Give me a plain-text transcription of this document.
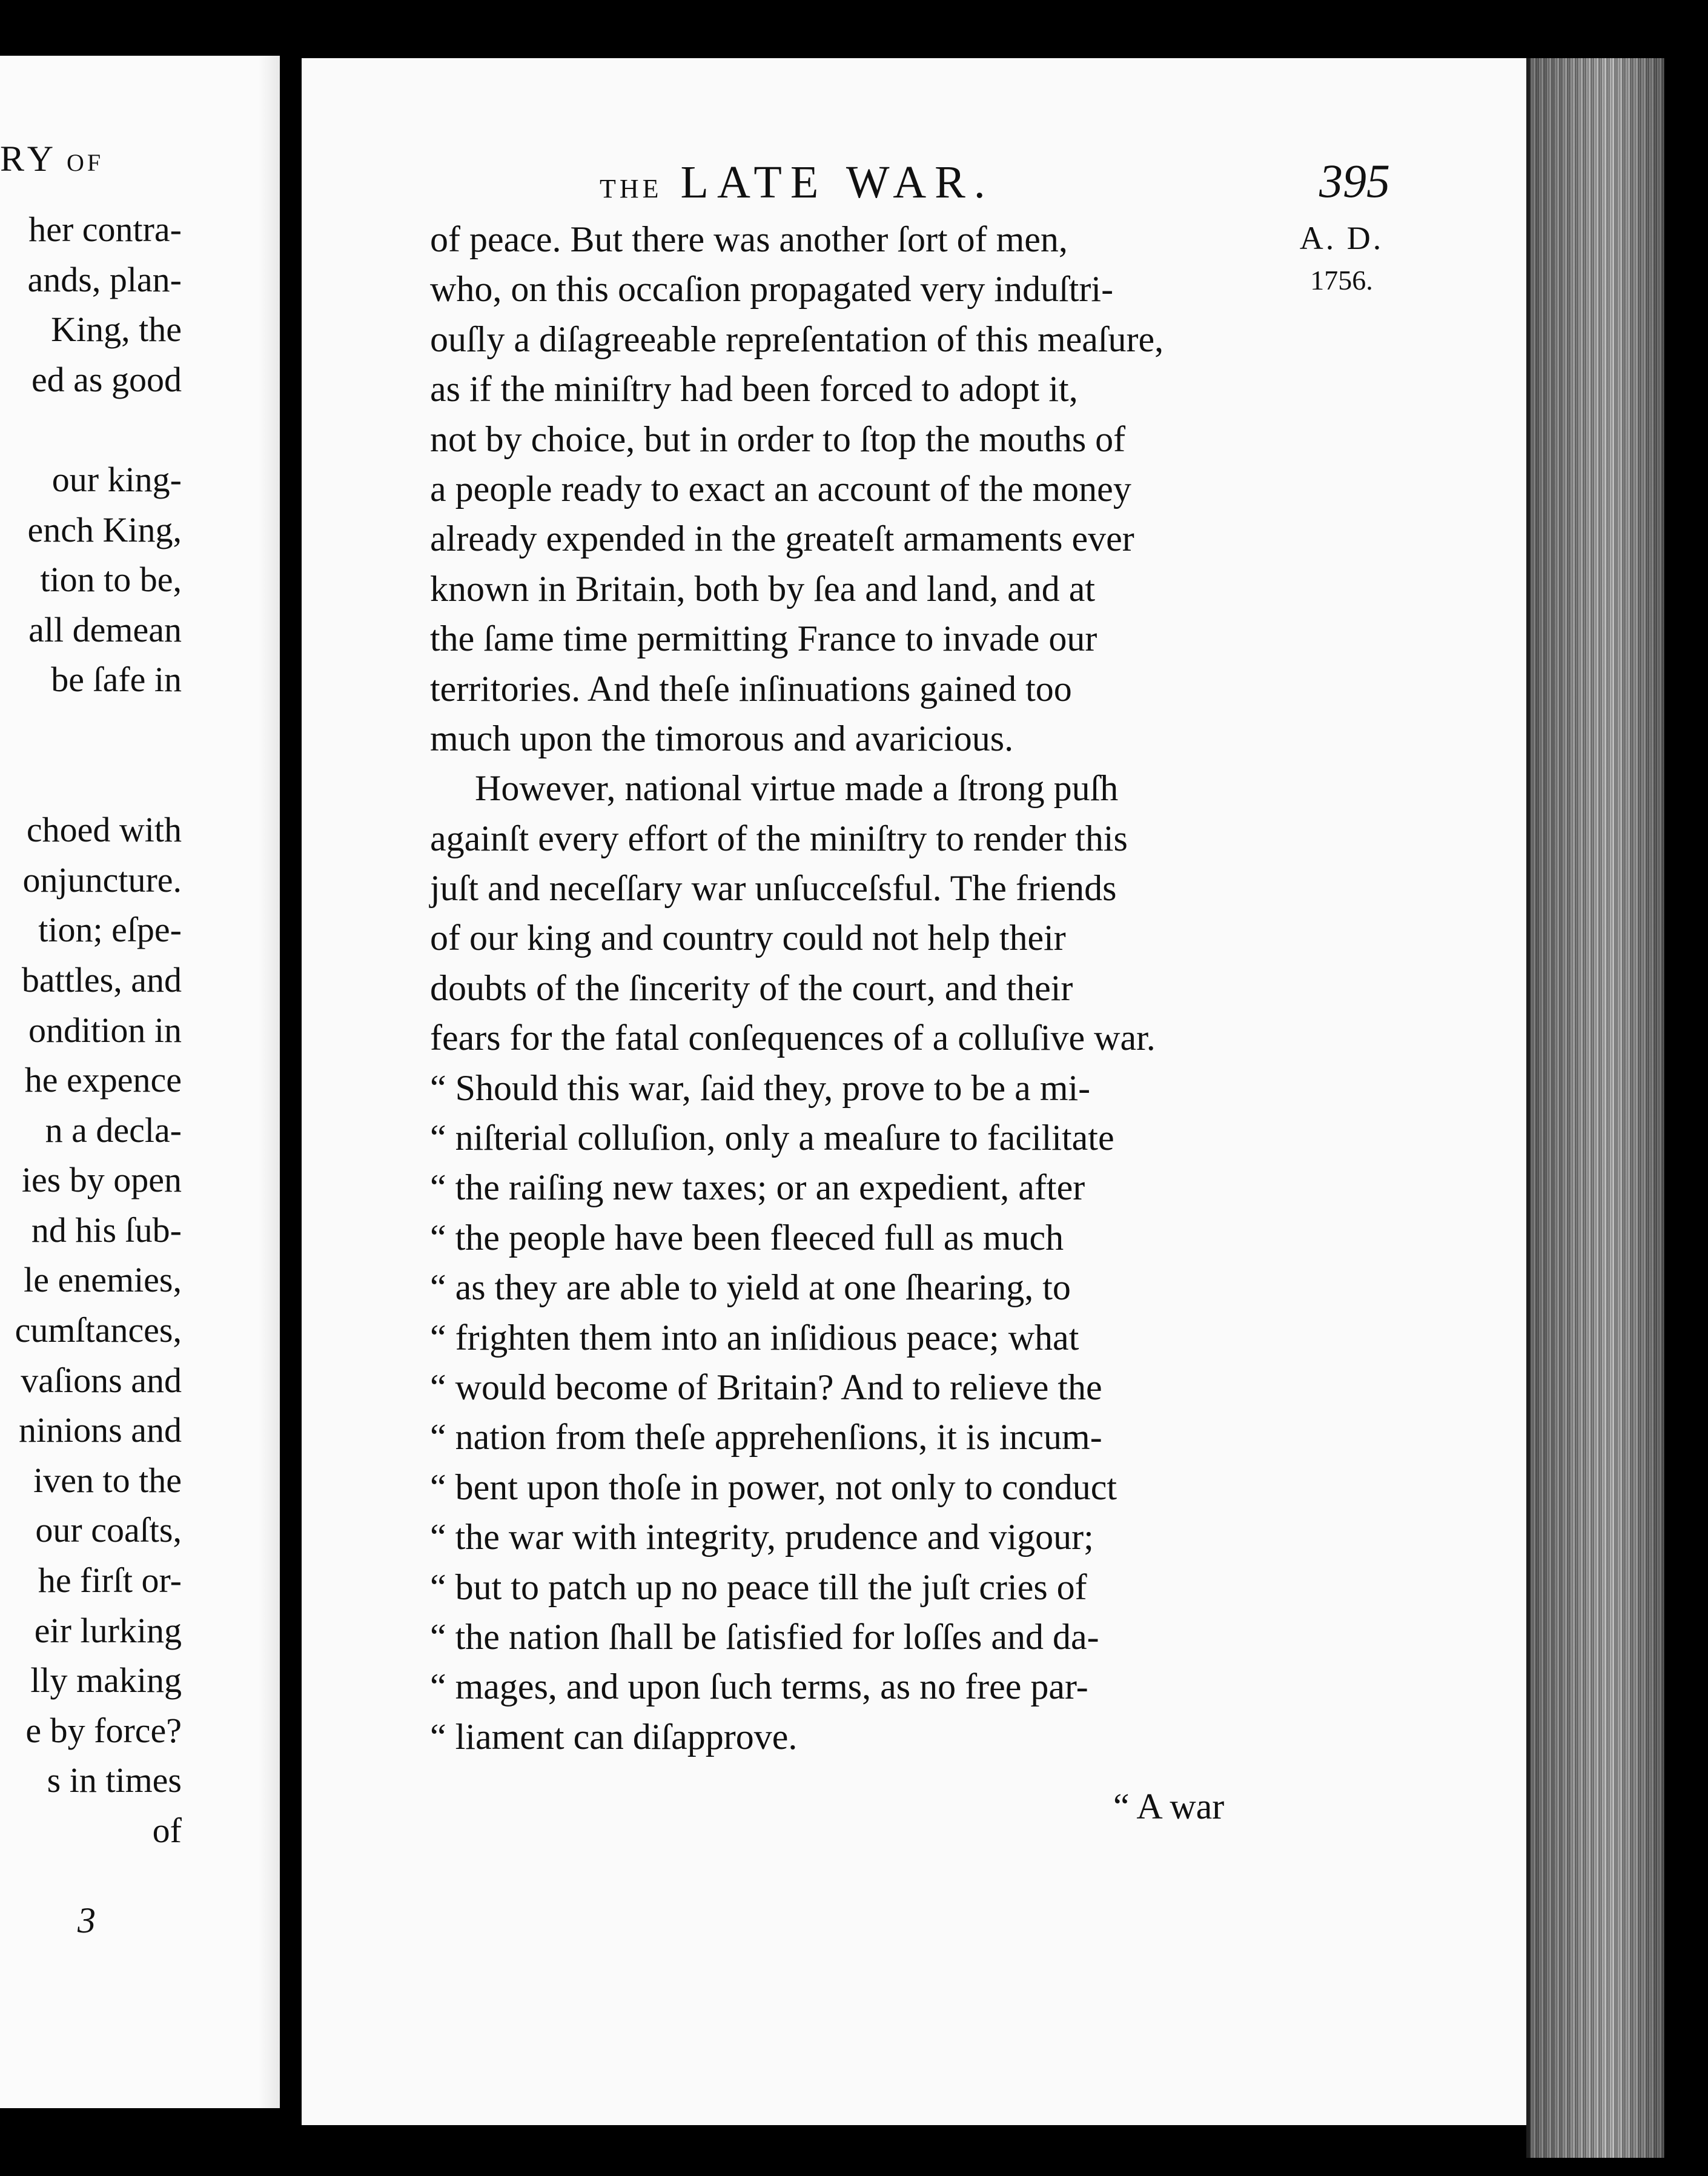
RY OF
her contra-
ands, plan-
King, the
ed as good
our king-
ench King,
tion to be,
all demean
be ſafe in
choed with
onjuncture.
tion; eſpe-
battles, and
ondition in
he expence
n a decla-
ies by open
nd his ſub-
le enemies,
cumſtances,
vaſions and
ninions and
iven to the
our coaſts,
he firſt or-
eir lurking
lly making
e by force?
s in times
of
3
THE LATE WAR.	395
A. D.
1756.
of peace. But there was another ſort of men,
who, on this occaſion propagated very induſtri-
ouſly a diſagreeable repreſentation of this meaſure,
as if the miniſtry had been forced to adopt it,
not by choice, but in order to ſtop the mouths of
a people ready to exact an account of the money
already expended in the greateſt armaments ever
known in Britain, both by ſea and land, and at
the ſame time permitting France to invade our
territories. And theſe inſinuations gained too
much upon the timorous and avaricious.
However, national virtue made a ſtrong puſh
againſt every effort of the miniſtry to render this
juſt and neceſſary war unſucceſsful. The friends
of our king and country could not help their
doubts of the ſincerity of the court, and their
fears for the fatal conſequences of a colluſive war.
“ Should this war, ſaid they, prove to be a mi-
“ niſterial colluſion, only a meaſure to facilitate
“ the raiſing new taxes; or an expedient, after
“ the people have been fleeced full as much
“ as they are able to yield at one ſhearing, to
“ frighten them into an inſidious peace; what
“ would become of Britain? And to relieve the
“ nation from theſe apprehenſions, it is incum-
“ bent upon thoſe in power, not only to conduct
“ the war with integrity, prudence and vigour;
“ but to patch up no peace till the juſt cries of
“ the nation ſhall be ſatisfied for loſſes and da-
“ mages, and upon ſuch terms, as no free par-
“ liament can diſapprove.
“ A war
